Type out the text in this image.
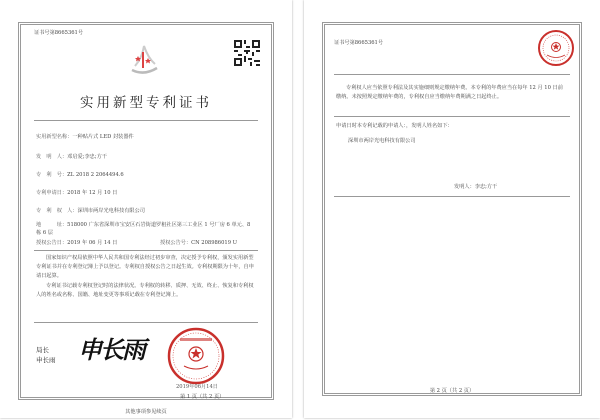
证书号第8665361号
实用新型专利证书
实用新型名称：一种贴片式 LED 封装器件
发　明　人：邓启爱;李忠;方干
专　利　号：ZL 2018 2 2064494.6
专利申请日：2018 年 12 月 10 日
专　利　权　人：深圳市两岸光电科技有限公司
地　　　址：518000 广东省深圳市宝安区石岩街道罗租社区第三工业区 1 号厂房 6 单元、8 栋 6 层
授权公告日：2019 年 06 月 14 日	授权公告号：CN 208986019 U
国家知识产权局依照中华人民共和国专利法经过初步审查，决定授予专利权，颁发实用新型专利证书并在专利登记簿上予以登记。专利权自授权公告之日起生效。专利权期限为十年，自申请日起算。
专利证书记载专利权登记时的法律状况。专利权的转移、质押、无效、终止、恢复和专利权人的姓名或名称、国籍、地址变更等事项记载在专利登记簿上。
局长
申长雨 申长雨
2019年06月14日
第 1 页（共 2 页）
其他事项参见续页
证书号第8665361号
专利权人应当依照专利法及其实施细则规定缴纳年费。本专利的年费应当在每年 12 月 10 日前缴纳。未按照规定缴纳年费的，专利权自应当缴纳年费期满之日起终止。
申请日时本专利记载的申请人：，发明人姓名如下：
深圳市两岸光电科技有限公司
发明人：李忠;方干
第 2 页（共 2 页）
